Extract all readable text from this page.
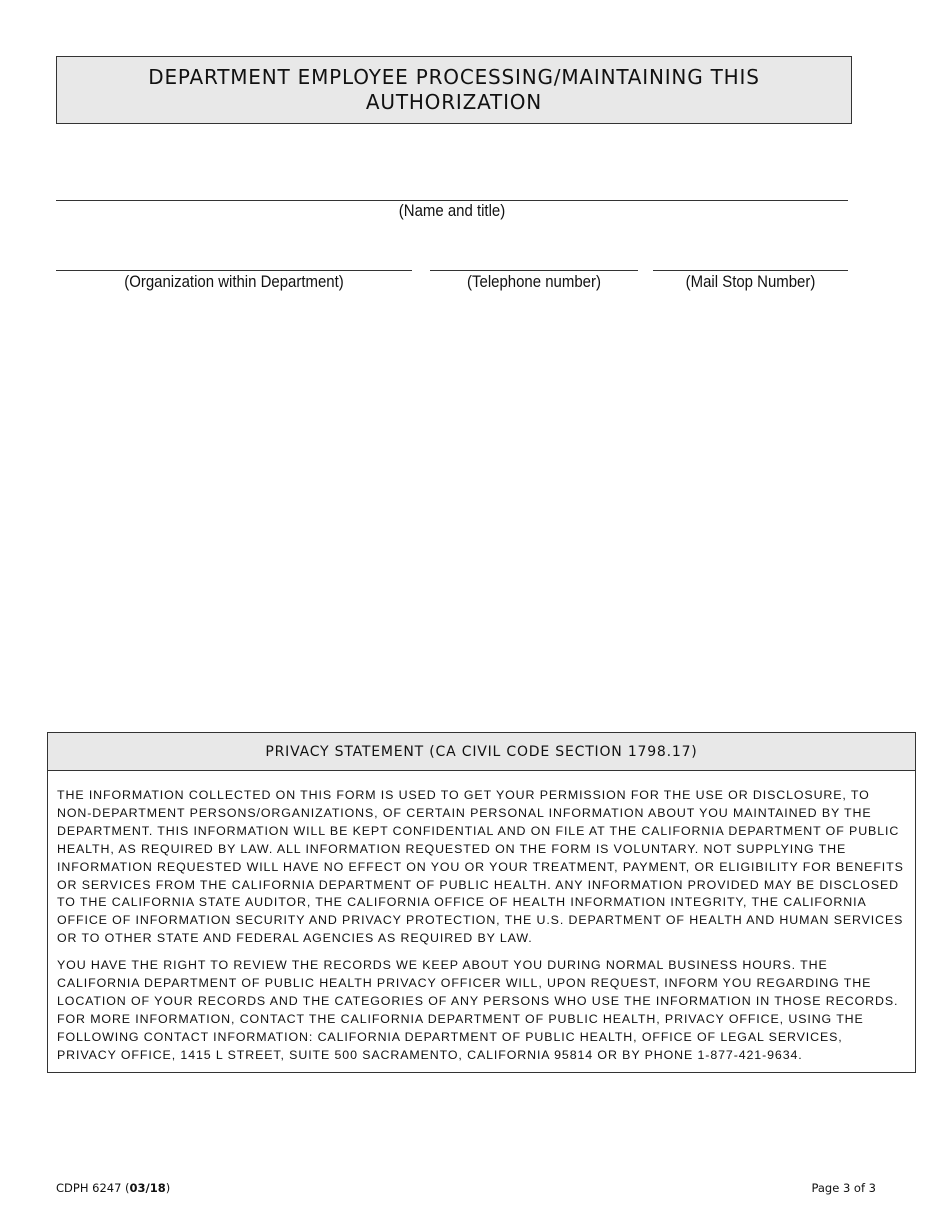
DEPARTMENT EMPLOYEE PROCESSING/MAINTAINING THIS AUTHORIZATION
(Name and title)
(Organization within Department)	(Telephone number)	(Mail Stop Number)
PRIVACY STATEMENT (CA CIVIL CODE SECTION 1798.17)

THE INFORMATION COLLECTED ON THIS FORM IS USED TO GET YOUR PERMISSION FOR THE USE OR DISCLOSURE, TO NON-DEPARTMENT PERSONS/ORGANIZATIONS, OF CERTAIN PERSONAL INFORMATION ABOUT YOU MAINTAINED BY THE DEPARTMENT. THIS INFORMATION WILL BE KEPT CONFIDENTIAL AND ON FILE AT THE CALIFORNIA DEPARTMENT OF PUBLIC HEALTH, AS REQUIRED BY LAW. ALL INFORMATION REQUESTED ON THE FORM IS VOLUNTARY. NOT SUPPLYING THE INFORMATION REQUESTED WILL HAVE NO EFFECT ON YOU OR YOUR TREATMENT, PAYMENT, OR ELIGIBILITY FOR BENEFITS OR SERVICES FROM THE CALIFORNIA DEPARTMENT OF PUBLIC HEALTH. ANY INFORMATION PROVIDED MAY BE DISCLOSED TO THE CALIFORNIA STATE AUDITOR, THE CALIFORNIA OFFICE OF HEALTH INFORMATION INTEGRITY, THE CALIFORNIA OFFICE OF INFORMATION SECURITY AND PRIVACY PROTECTION, THE U.S. DEPARTMENT OF HEALTH AND HUMAN SERVICES OR TO OTHER STATE AND FEDERAL AGENCIES AS REQUIRED BY LAW.

YOU HAVE THE RIGHT TO REVIEW THE RECORDS WE KEEP ABOUT YOU DURING NORMAL BUSINESS HOURS. THE CALIFORNIA DEPARTMENT OF PUBLIC HEALTH PRIVACY OFFICER WILL, UPON REQUEST, INFORM YOU REGARDING THE LOCATION OF YOUR RECORDS AND THE CATEGORIES OF ANY PERSONS WHO USE THE INFORMATION IN THOSE RECORDS. FOR MORE INFORMATION, CONTACT THE CALIFORNIA DEPARTMENT OF PUBLIC HEALTH, PRIVACY OFFICE, USING THE FOLLOWING CONTACT INFORMATION: CALIFORNIA DEPARTMENT OF PUBLIC HEALTH, OFFICE OF LEGAL SERVICES, PRIVACY OFFICE, 1415 L STREET, SUITE 500 SACRAMENTO, CALIFORNIA 95814 OR BY PHONE 1-877-421-9634.

CDPH 6247 (03/18)	Page 3 of 3
